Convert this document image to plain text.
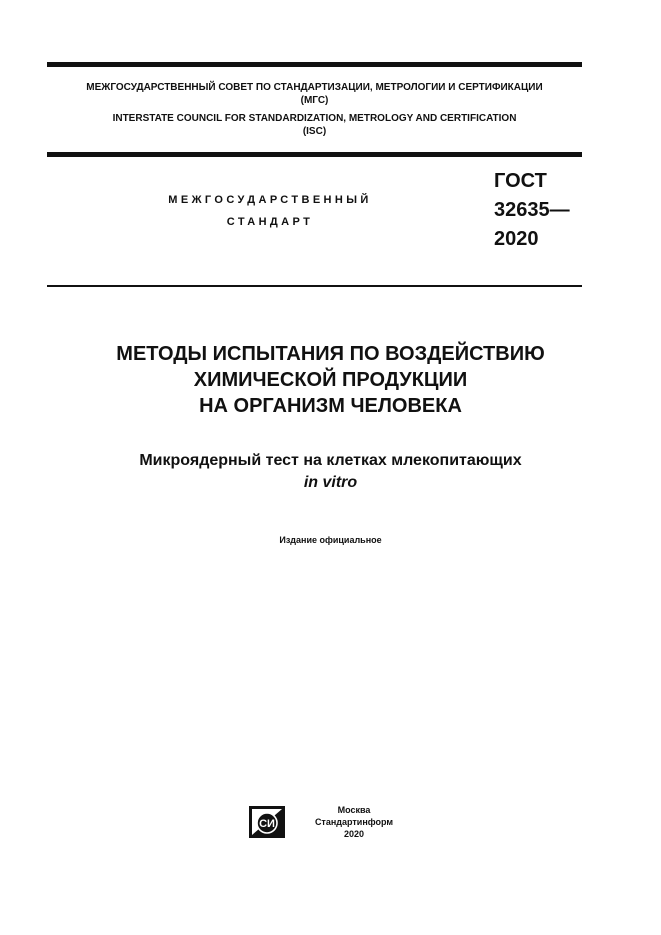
МЕЖГОСУДАРСТВЕННЫЙ СОВЕТ ПО СТАНДАРТИЗАЦИИ, МЕТРОЛОГИИ И СЕРТИФИКАЦИИ
(МГС)
INTERSTATE COUNCIL FOR STANDARDIZATION, METROLOGY AND CERTIFICATION
(ISC)
МЕЖГОСУДАРСТВЕННЫЙ
СТАНДАРТ
ГОСТ
32635—
2020
МЕТОДЫ ИСПЫТАНИЯ ПО ВОЗДЕЙСТВИЮ
ХИМИЧЕСКОЙ ПРОДУКЦИИ
НА ОРГАНИЗМ ЧЕЛОВЕКА
Микроядерный тест на клетках млекопитающих
in vitro
Издание официальное
СИ
Москва
Стандартинформ
2020
